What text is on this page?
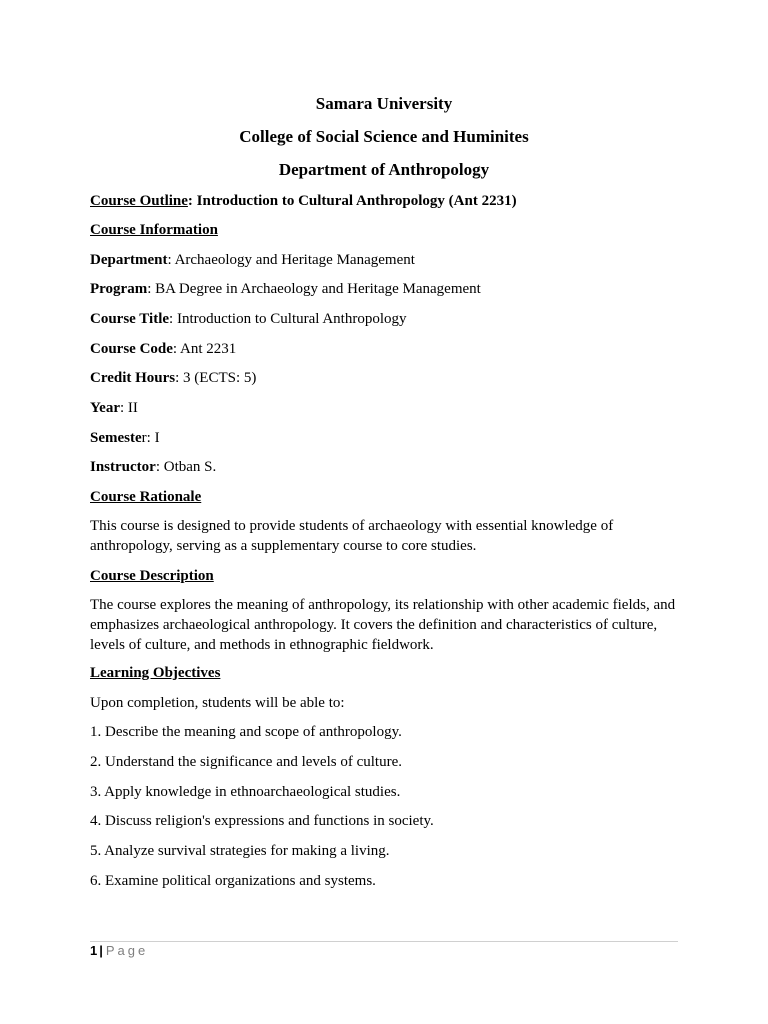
Samara University
College of Social Science and Huminites
Department of Anthropology
Course Outline: Introduction to Cultural Anthropology (Ant 2231)
Course Information
Department: Archaeology and Heritage Management
Program: BA Degree in Archaeology and Heritage Management
Course Title: Introduction to Cultural Anthropology
Course Code: Ant 2231
Credit Hours: 3 (ECTS: 5)
Year: II
Semester: I
Instructor: Otban S.
Course Rationale
This course is designed to provide students of archaeology with essential knowledge of anthropology, serving as a supplementary course to core studies.
Course Description
The course explores the meaning of anthropology, its relationship with other academic fields, and emphasizes archaeological anthropology. It covers the definition and characteristics of culture, levels of culture, and methods in ethnographic fieldwork.
Learning Objectives
Upon completion, students will be able to:
1. Describe the meaning and scope of anthropology.
2. Understand the significance and levels of culture.
3. Apply knowledge in ethnoarchaeological studies.
4. Discuss religion's expressions and functions in society.
5. Analyze survival strategies for making a living.
6. Examine political organizations and systems.
1 | Page
